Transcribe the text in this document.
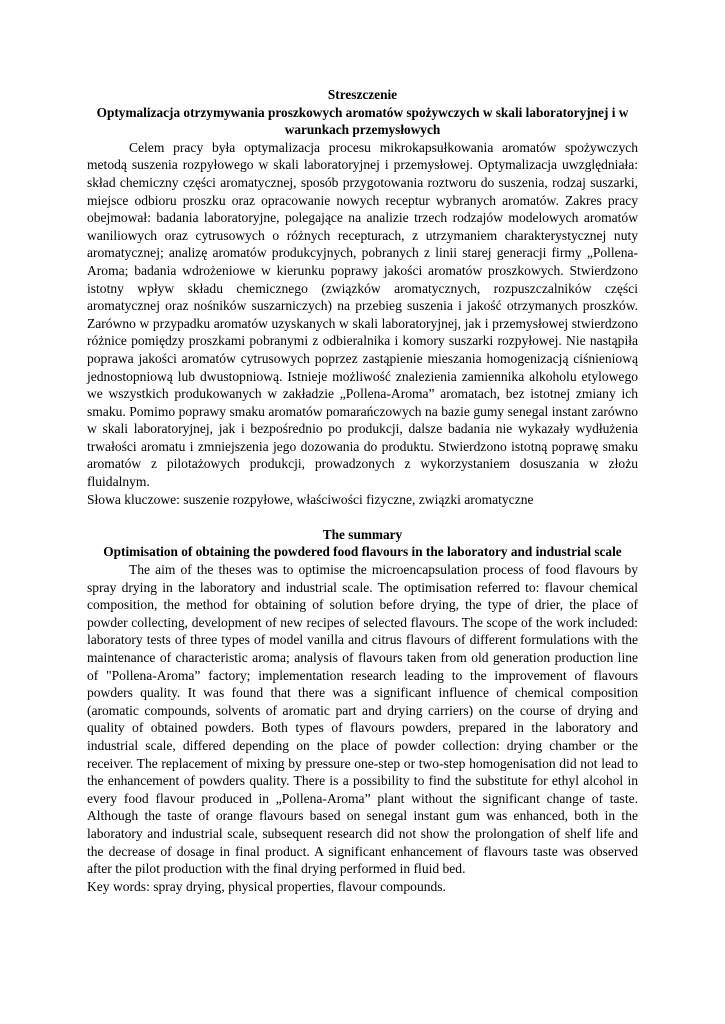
Streszczenie

Optymalizacja otrzymywania proszkowych aromatów spożywczych w skali laboratoryjnej i w warunkach przemysłowych

Celem pracy była optymalizacja procesu mikrokapsułkowania aromatów spożywczych metodą suszenia rozpyłowego w skali laboratoryjnej i przemysłowej. Optymalizacja uwzględniała: skład chemiczny części aromatycznej, sposób przygotowania roztworu do suszenia, rodzaj suszarki, miejsce odbioru proszku oraz opracowanie nowych receptur wybranych aromatów. Zakres pracy obejmował: badania laboratoryjne, polegające na analizie trzech rodzajów modelowych aromatów waniliowych oraz cytrusowych o różnych recepturach, z utrzymaniem charakterystycznej nuty aromatycznej; analizę aromatów produkcyjnych, pobranych z linii starej generacji firmy „Pollena-Aroma; badania wdrożeniowe w kierunku poprawy jakości aromatów proszkowych. Stwierdzono istotny wpływ składu chemicznego (związków aromatycznych, rozpuszczalników części aromatycznej oraz nośników suszarniczych) na przebieg suszenia i jakość otrzymanych proszków. Zarówno w przypadku aromatów uzyskanych w skali laboratoryjnej, jak i przemysłowej stwierdzono różnice pomiędzy proszkami pobranymi z odbieralnika i komory suszarki rozpyłowej. Nie nastąpiła poprawa jakości aromatów cytrusowych poprzez zastąpienie mieszania homogenizacją ciśnieniową jednostopniową lub dwustopniową. Istnieje możliwość znalezienia zamiennika alkoholu etylowego we wszystkich produkowanych w zakładzie „Pollena-Aroma” aromatach, bez istotnej zmiany ich smaku. Pomimo poprawy smaku aromatów pomarańczowych na bazie gumy senegal instant zarówno w skali laboratoryjnej, jak i bezpośrednio po produkcji, dalsze badania nie wykazały wydłużenia trwałości aromatu i zmniejszenia jego dozowania do produktu. Stwierdzono istotną poprawę smaku aromatów z pilotażowych produkcji, prowadzonych z wykorzystaniem dosuszania w złożu fluidalnym.

Słowa kluczowe: suszenie rozpyłowe, właściwości fizyczne, związki aromatyczne

The summary

Optimisation of obtaining the powdered food flavours in the laboratory and industrial scale

The aim of the theses was to optimise the microencapsulation process of food flavours by spray drying in the laboratory and industrial scale. The optimisation referred to: flavour chemical composition, the method for obtaining of solution before drying, the type of drier, the place of powder collecting, development of new recipes of selected flavours. The scope of the work included: laboratory tests of three types of model vanilla and citrus flavours of different formulations with the maintenance of characteristic aroma; analysis of flavours taken from old generation production line of "Pollena-Aroma” factory; implementation research leading to the improvement of flavours powders quality. It was found that there was a significant influence of chemical composition (aromatic compounds, solvents of aromatic part and drying carriers) on the course of drying and quality of obtained powders. Both types of flavours powders, prepared in the laboratory and industrial scale, differed depending on the place of powder collection: drying chamber or the receiver. The replacement of mixing by pressure one-step or two-step homogenisation did not lead to the enhancement of powders quality. There is a possibility to find the substitute for ethyl alcohol in every food flavour produced in „Pollena-Aroma” plant without the significant change of taste. Although the taste of orange flavours based on senegal instant gum was enhanced, both in the laboratory and industrial scale, subsequent research did not show the prolongation of shelf life and the decrease of dosage in final product. A significant enhancement of flavours taste was observed after the pilot production with the final drying performed in fluid bed.

Key words: spray drying, physical properties, flavour compounds.
